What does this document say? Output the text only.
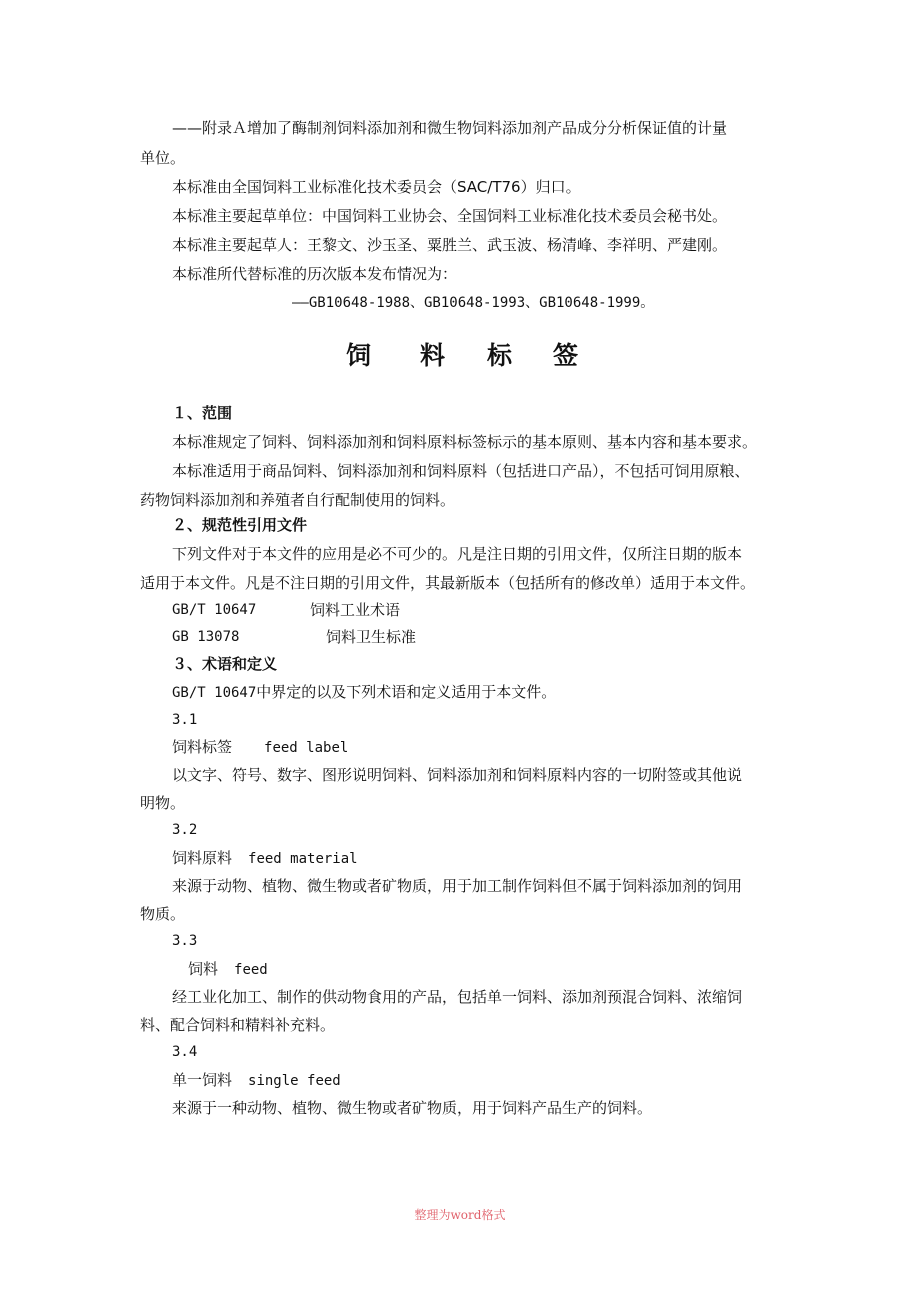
——附录Ａ增加了酶制剂饲料添加剂和微生物饲料添加剂产品成分分析保证值的计量
单位。
本标准由全国饲料工业标准化技术委员会（SAC/T76）归口。
本标准主要起草单位：中国饲料工业协会、全国饲料工业标准化技术委员会秘书处。
本标准主要起草人：王黎文、沙玉圣、粟胜兰、武玉波、杨清峰、李祥明、严建刚。
本标准所代替标准的历次版本发布情况为：
——GB10648-1988、GB10648-1993、GB10648-1999。
饲 料 标 签
１、范围
本标准规定了饲料、饲料添加剂和饲料原料标签标示的基本原则、基本内容和基本要求。
本标准适用于商品饲料、饲料添加剂和饲料原料（包括进口产品），不包括可饲用原粮、
药物饲料添加剂和养殖者自行配制使用的饲料。
２、规范性引用文件
下列文件对于本文件的应用是必不可少的。凡是注日期的引用文件，仅所注日期的版本
适用于本文件。凡是不注日期的引用文件，其最新版本（包括所有的修改单）适用于本文件。
GB/T 10647	饲料工业术语
GB 13078	饲料卫生标准
３、术语和定义
GB/T 10647中界定的以及下列术语和定义适用于本文件。
3.1
饲料标签 feed label
以文字、符号、数字、图形说明饲料、饲料添加剂和饲料原料内容的一切附签或其他说
明物。
3.2
饲料原料 feed material
来源于动物、植物、微生物或者矿物质，用于加工制作饲料但不属于饲料添加剂的饲用
物质。
3.3
饲料 feed
经工业化加工、制作的供动物食用的产品，包括单一饲料、添加剂预混合饲料、浓缩饲
料、配合饲料和精料补充料。
3.4
单一饲料 single feed
来源于一种动物、植物、微生物或者矿物质，用于饲料产品生产的饲料。
整理为word格式
